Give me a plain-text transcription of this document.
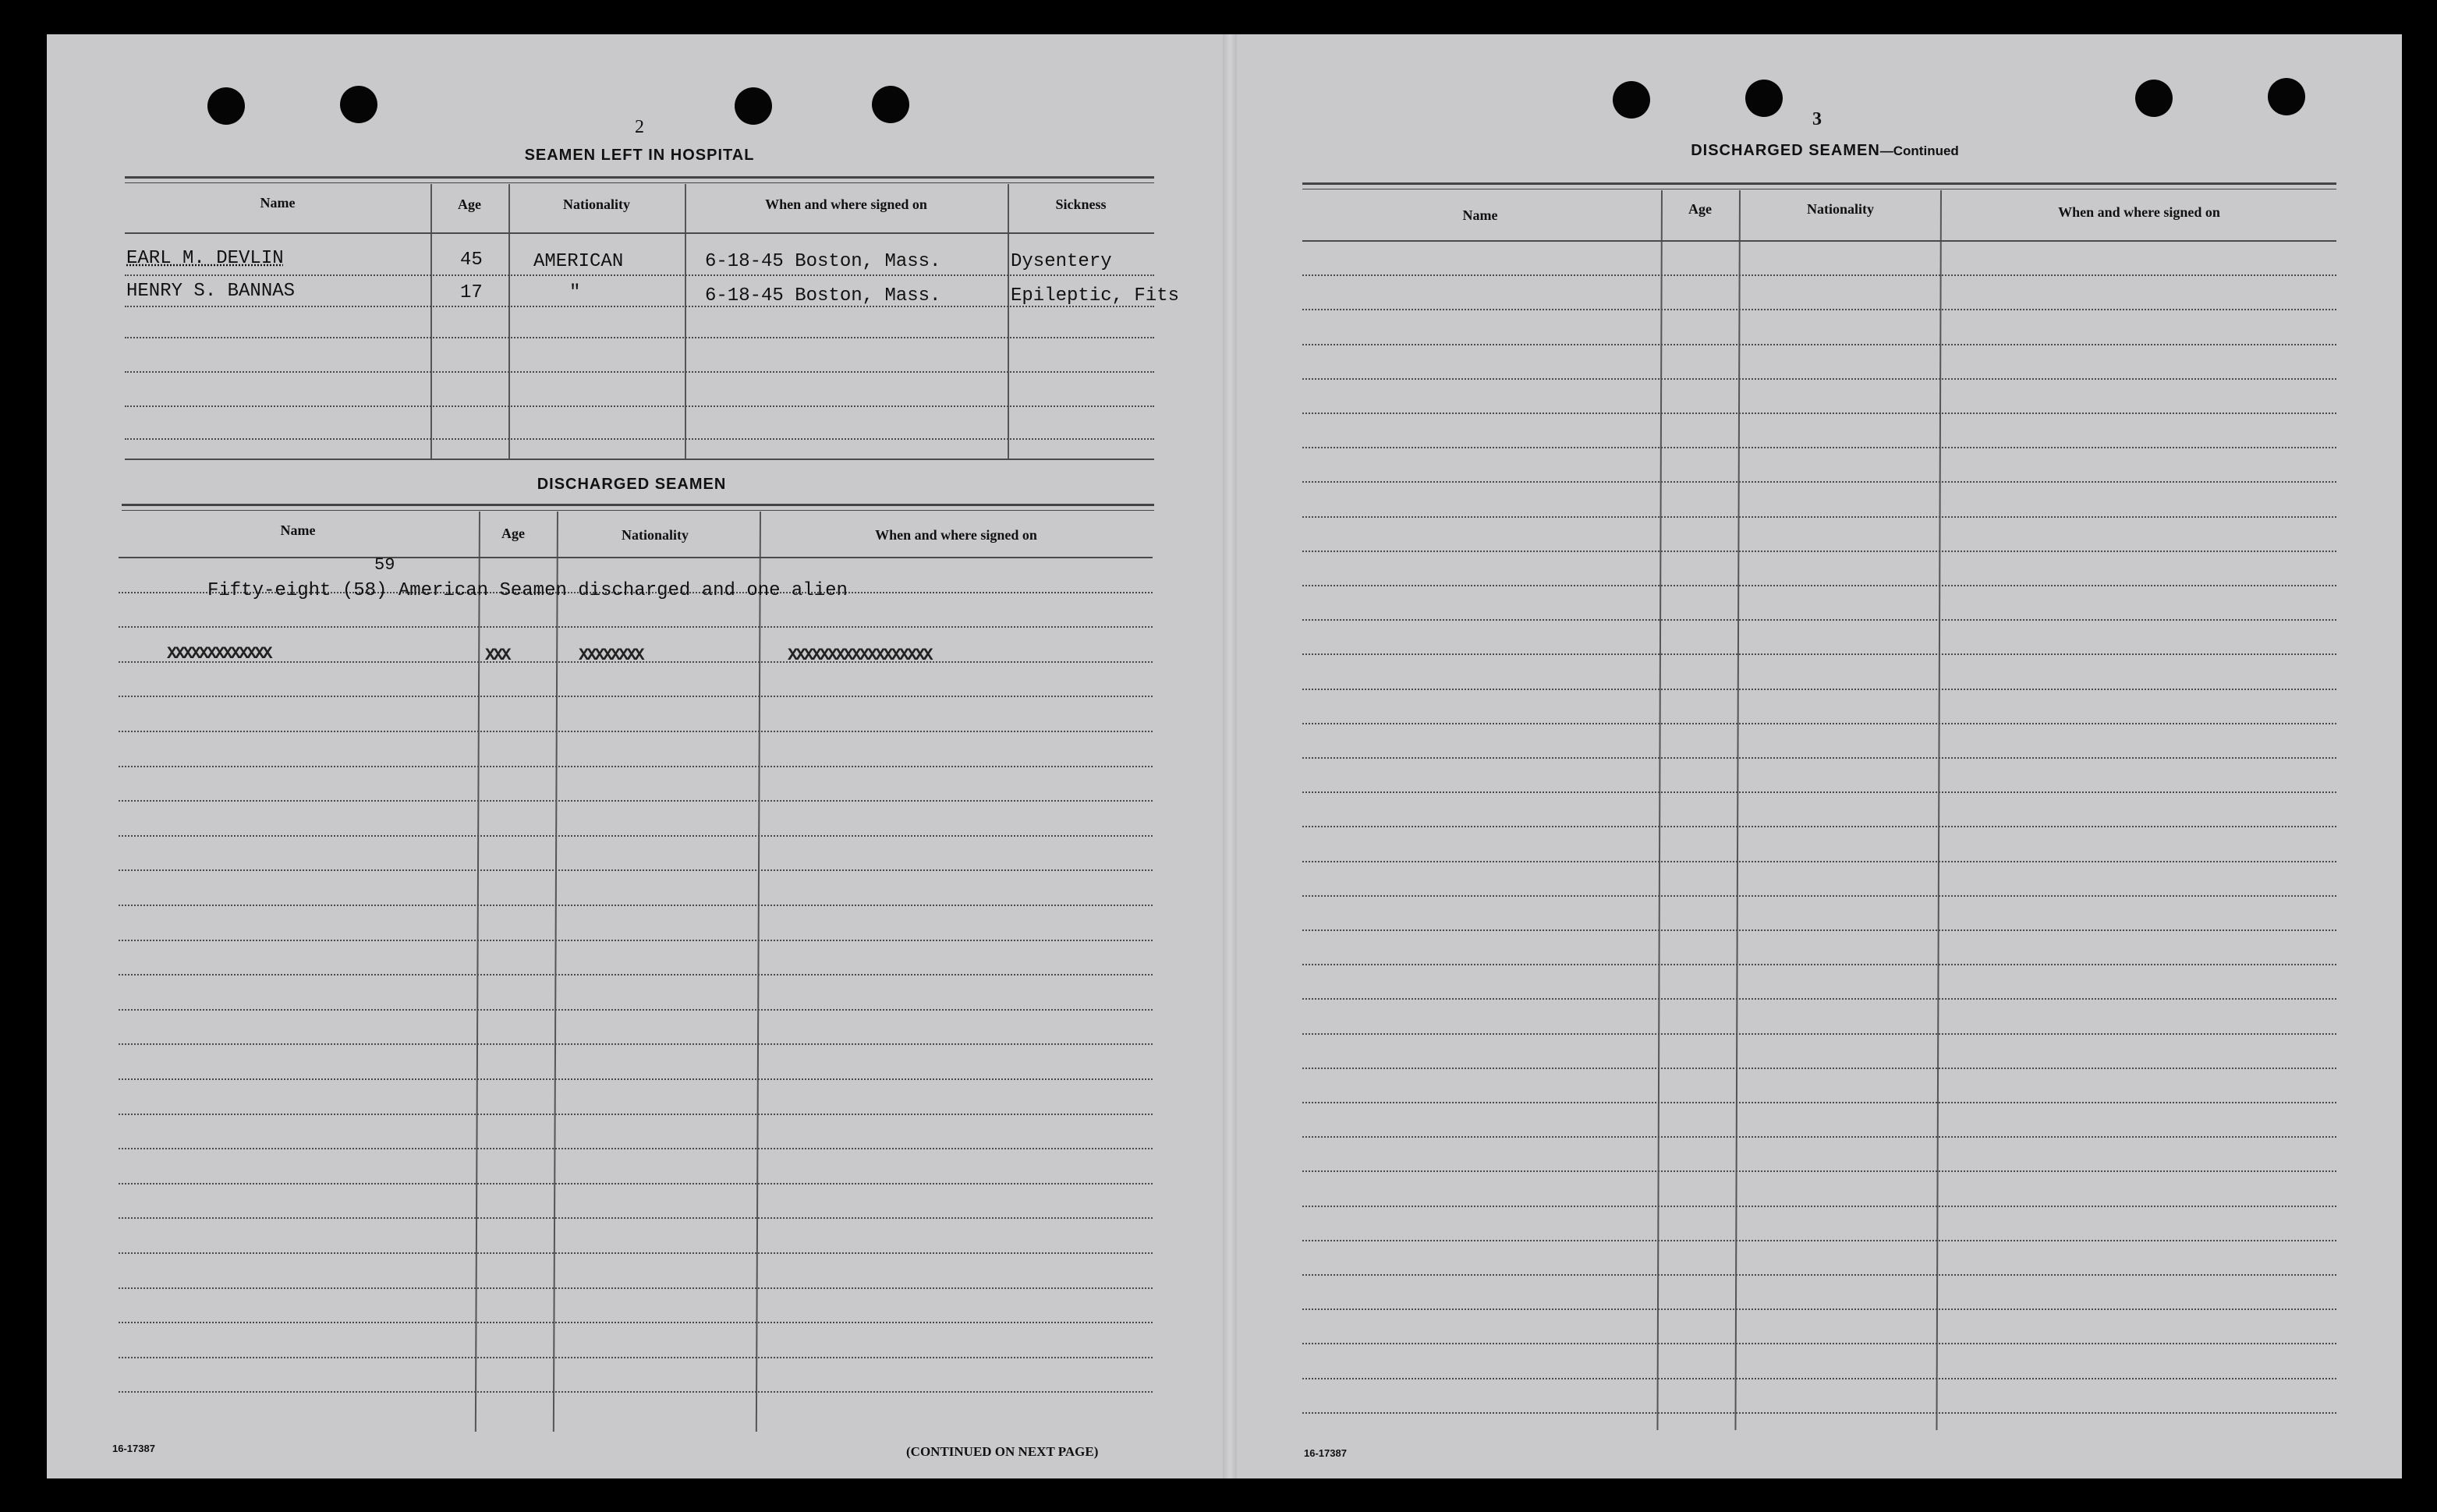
2
SEAMEN LEFT IN HOSPITAL
Name	Age	Nationality	When and where signed on	Sickness
EARL M. DEVLIN	45	AMERICAN	6-18-45 Boston, Mass.	Dysentery
HENRY S. BANNAS	17	"	6-18-45 Boston, Mass.	Epileptic, Fits
DISCHARGED SEAMEN
Name	Age	Nationality	When and where signed on
59
Fifty-eight (58) American Seamen discharged and one alien
XXXXXXXXXXXXX	XXX	XXXXXXXX	XXXXXXXXXXXXXXXXXX
16-17387	(CONTINUED ON NEXT PAGE)
3
DISCHARGED SEAMEN—Continued
Name	Age	Nationality	When and where signed on
16-17387
